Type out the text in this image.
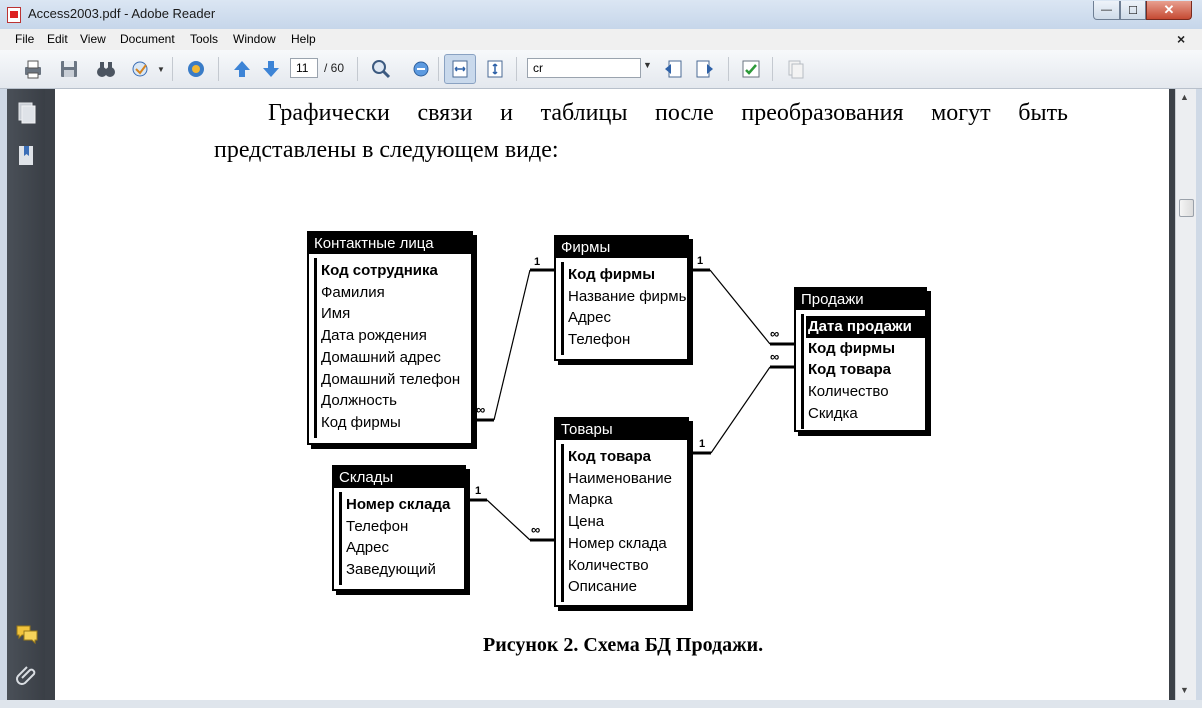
Access2003.pdf - Adobe Reader	—	☐	✕
File Edit View Document Tools Window Help	×
▼	11	/ 60	cr	▼
▲
▼
Графически связи и таблицы после преобразования могут быть
представлены в следующем виде:
∞
1	1
∞
∞
1
1
∞
Контактные лица
Код сотрудника
Фамилия
Имя
Дата рождения
Домашний адрес
Домашний телефон
Должность
Код фирмы
Фирмы
Код фирмы
Название фирмь
Адрес
Телефон
Продажи
Дата продажи
Код фирмы
Код товара
Количество
Скидка
Товары
Код товара
Наименование
Марка
Цена
Номер склада
Количество
Описание
Склады
Номер склада
Телефон
Адрес
Заведующий
Рисунок 2. Схема БД Продажи.
